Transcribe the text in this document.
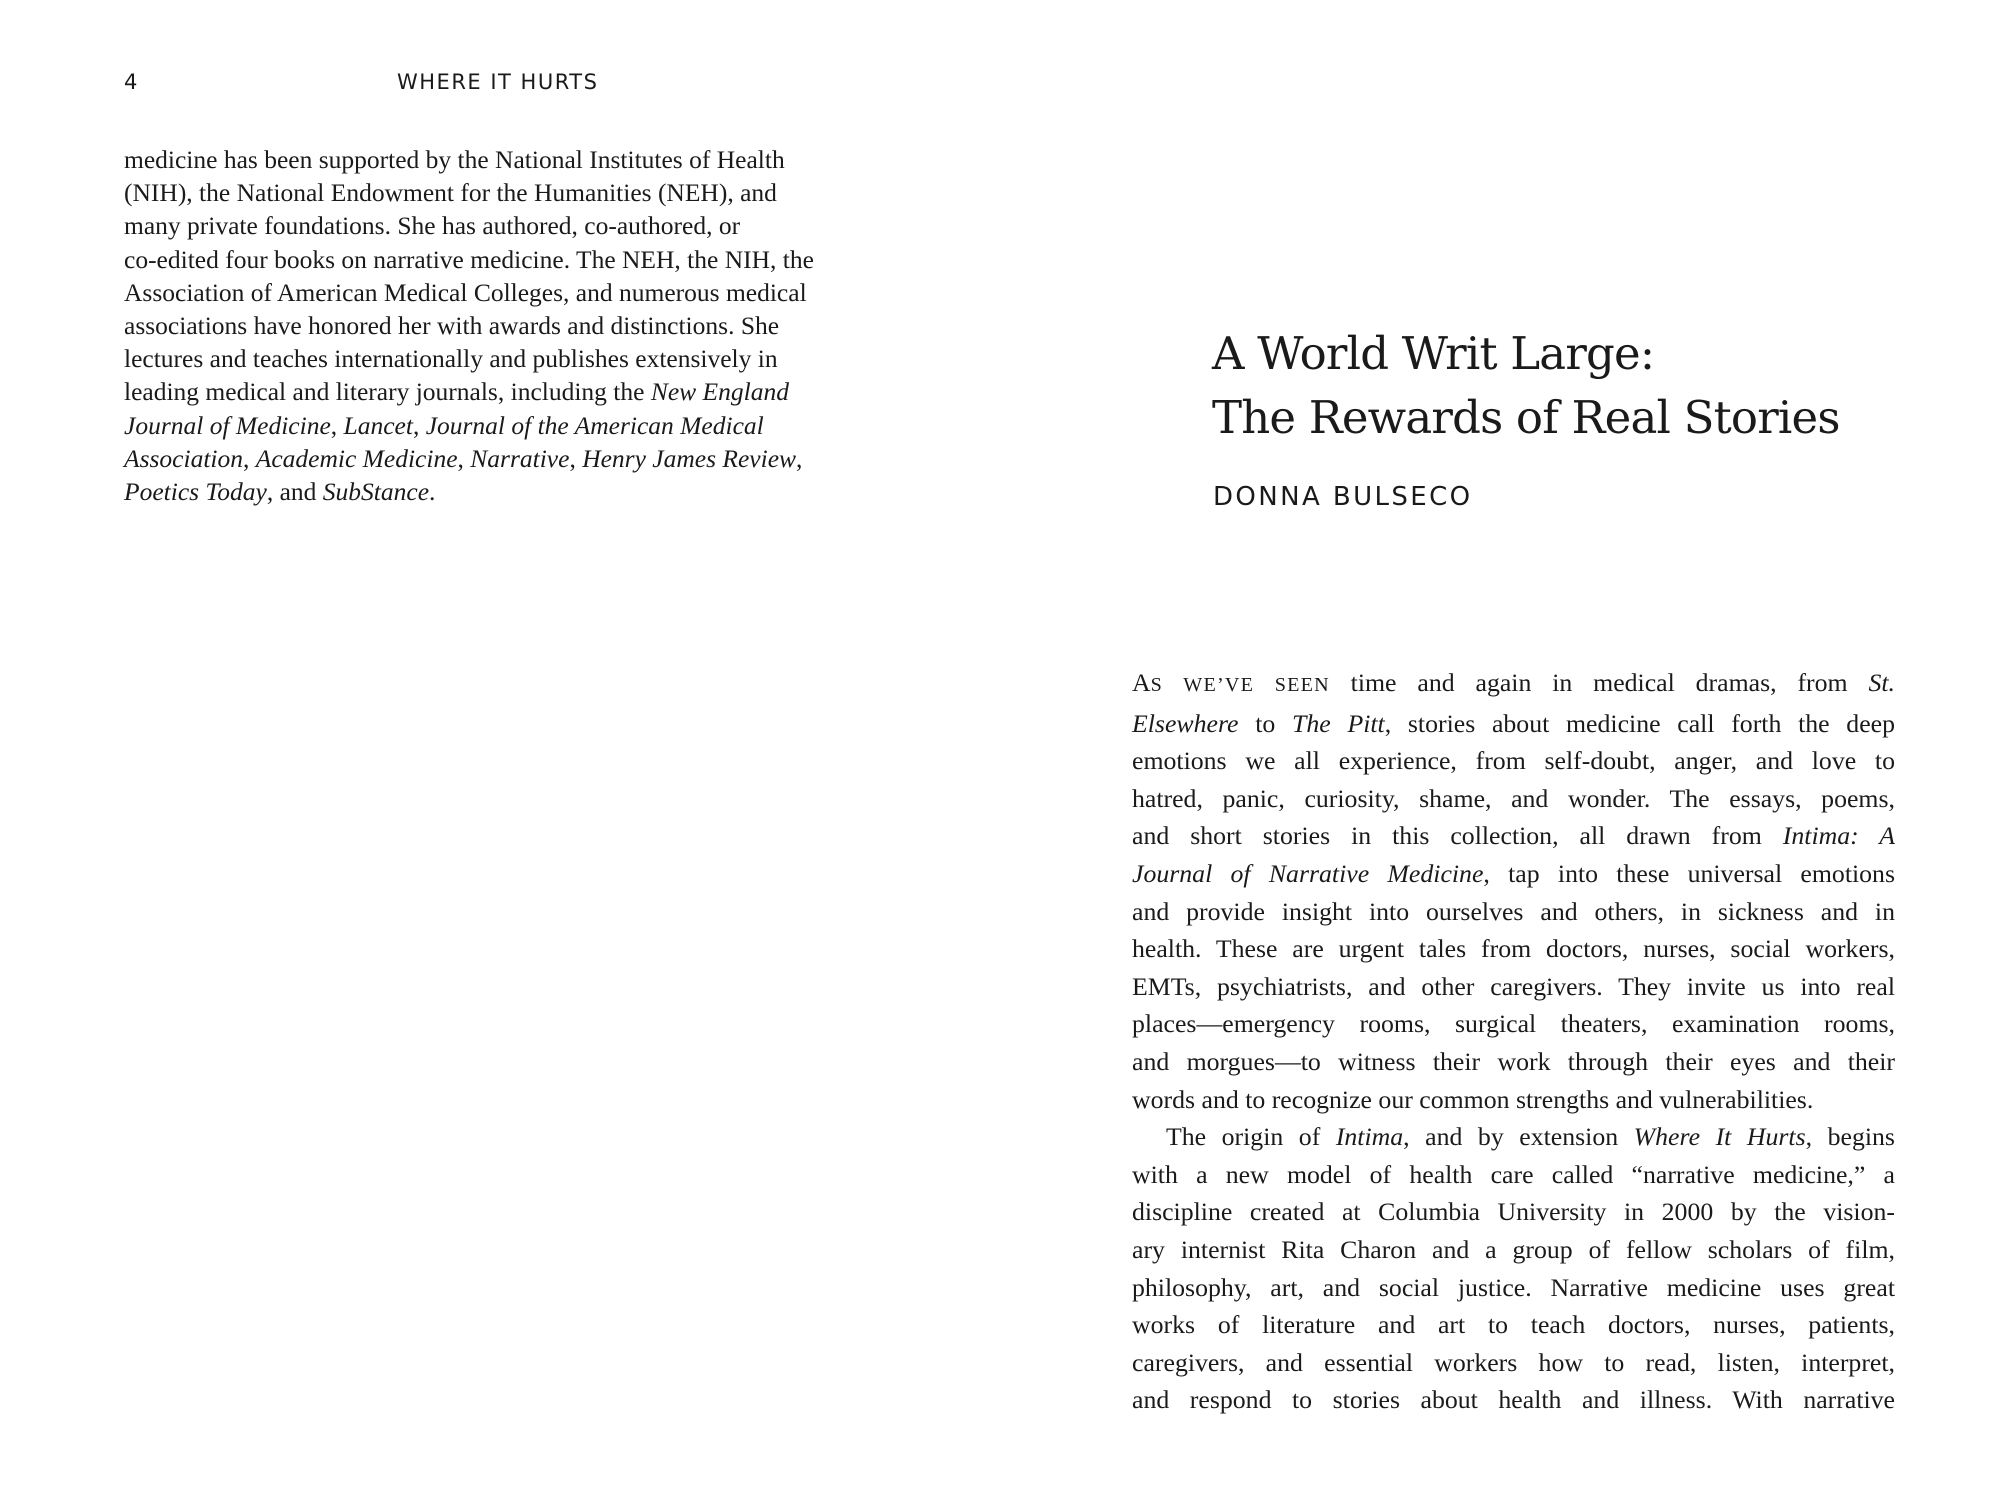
4	WHERE IT HURTS

medicine has been supported by the National Institutes of Health
(NIH), the National Endowment for the Humanities (NEH), and
many private foundations. She has authored, co-authored, or
co-edited four books on narrative medicine. The NEH, the NIH, the
Association of American Medical Colleges, and numerous medical
associations have honored her with awards and distinctions. She
lectures and teaches internationally and publishes extensively in
leading medical and literary journals, including the New England
Journal of Medicine, Lancet, Journal of the American Medical
Association, Academic Medicine, Narrative, Henry James Review,
Poetics Today, and SubStance.

A World Writ Large:
The Rewards of Real Stories

DONNA BULSECO

AS WE’VE SEEN time and again in medical dramas, from St.
Elsewhere to The Pitt, stories about medicine call forth the deep
emotions we all experience, from self-doubt, anger, and love to
hatred, panic, curiosity, shame, and wonder. The essays, poems,
and short stories in this collection, all drawn from Intima: A
Journal of Narrative Medicine, tap into these universal emotions
and provide insight into ourselves and others, in sickness and in
health. These are urgent tales from doctors, nurses, social workers,
EMTs, psychiatrists, and other caregivers. They invite us into real
places—emergency rooms, surgical theaters, examination rooms,
and morgues—to witness their work through their eyes and their
words and to recognize our common strengths and vulnerabilities.
The origin of Intima, and by extension Where It Hurts, begins
with a new model of health care called “narrative medicine,” a
discipline created at Columbia University in 2000 by the vision-
ary internist Rita Charon and a group of fellow scholars of film,
philosophy, art, and social justice. Narrative medicine uses great
works of literature and art to teach doctors, nurses, patients,
caregivers, and essential workers how to read, listen, interpret,
and respond to stories about health and illness. With narrative
